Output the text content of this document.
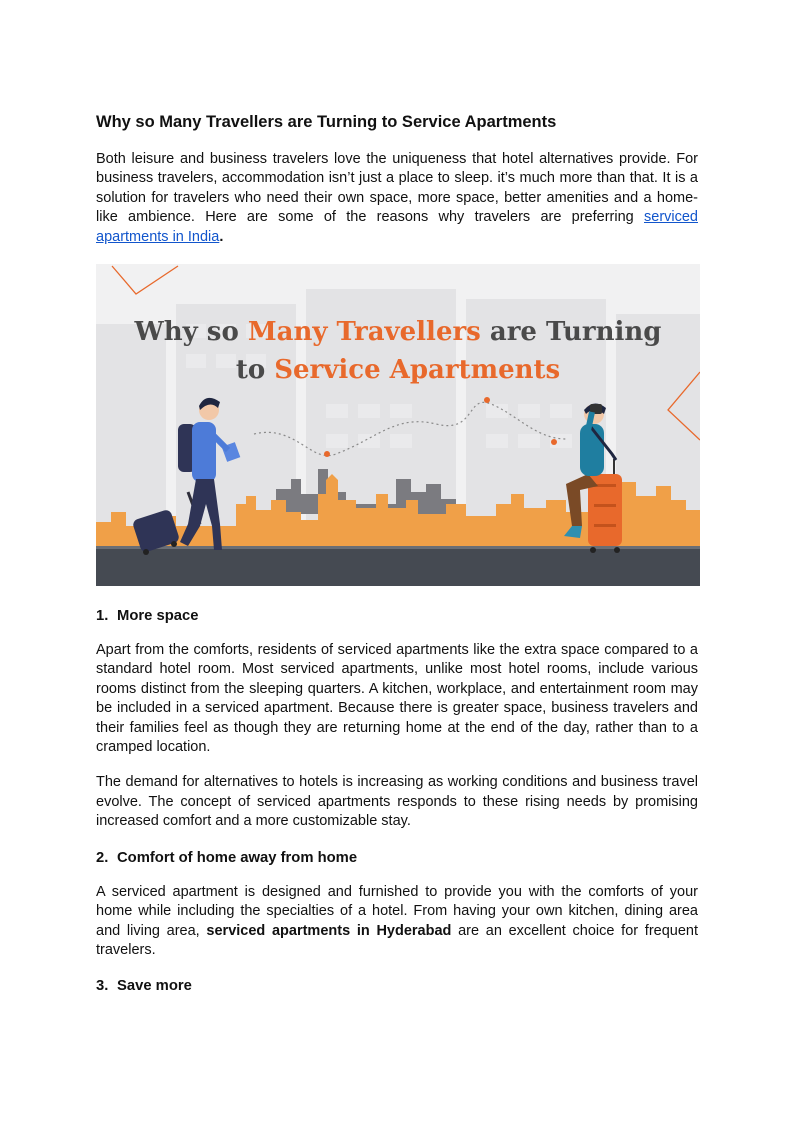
Why so Many Travellers are Turning to Service Apartments

Both leisure and business travelers love the uniqueness that hotel alternatives provide. For business travelers, accommodation isn’t just a place to sleep. it’s much more than that. It is a solution for travelers who need their own space, more space, better amenities and a home-like ambience. Here are some of the reasons why travelers are preferring serviced apartments in India.

Why so Many Travellers are Turning
to Service Apartments
1. More space

Apart from the comforts, residents of serviced apartments like the extra space compared to a standard hotel room. Most serviced apartments, unlike most hotel rooms, include various rooms distinct from the sleeping quarters. A kitchen, workplace, and entertainment room may be included in a serviced apartment. Because there is greater space, business travelers and their families feel as though they are returning home at the end of the day, rather than to a cramped location.

The demand for alternatives to hotels is increasing as working conditions and business travel evolve. The concept of serviced apartments responds to these rising needs by promising increased comfort and a more customizable stay.

2. Comfort of home away from home

A serviced apartment is designed and furnished to provide you with the comforts of your home while including the specialties of a hotel. From having your own kitchen, dining area and living area, serviced apartments in Hyderabad are an excellent choice for frequent travelers.

3. Save more
